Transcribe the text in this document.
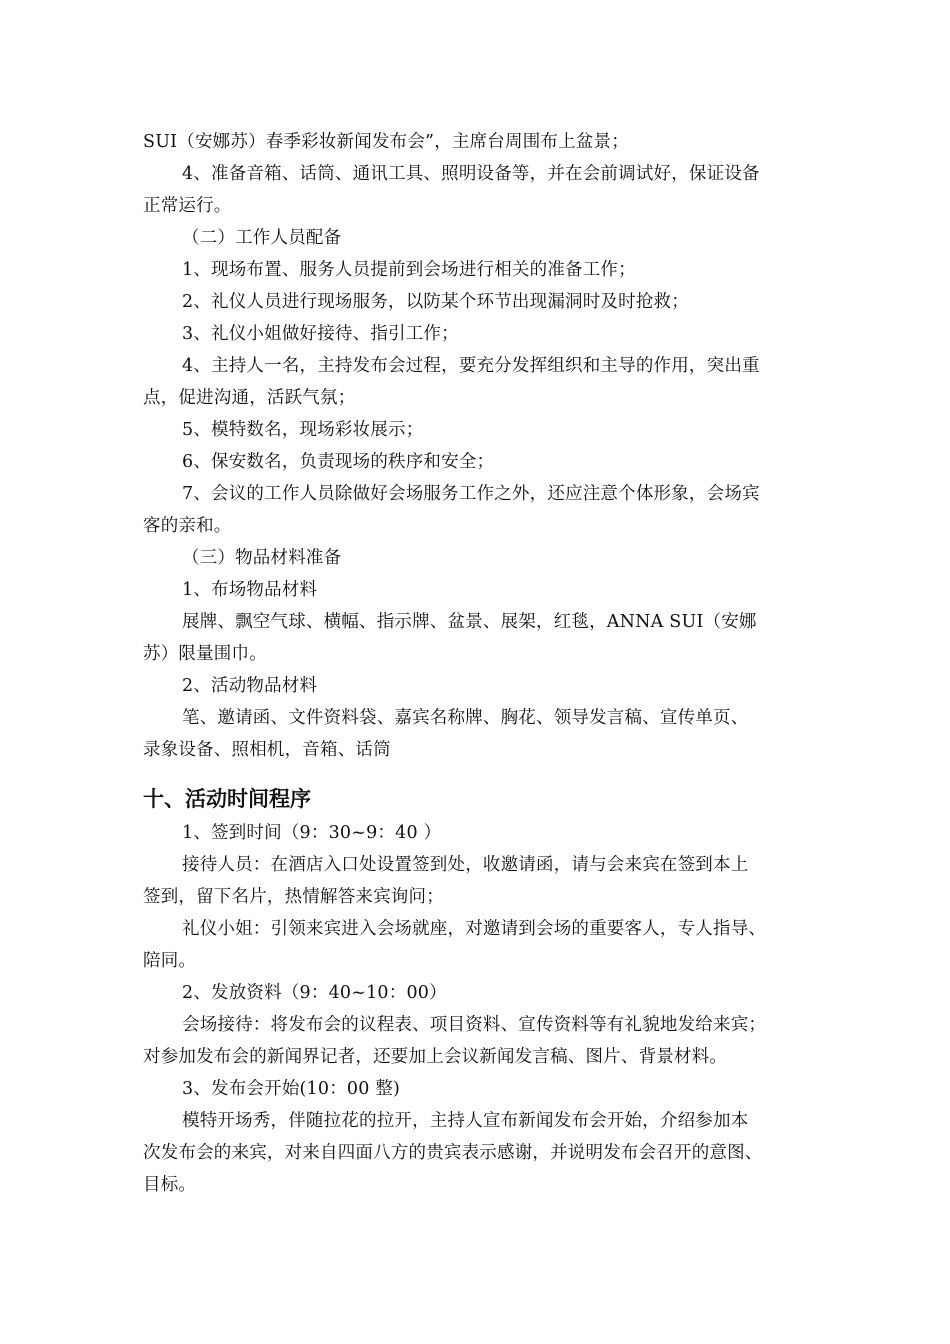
SUI（安娜苏）春季彩妆新闻发布会”，主席台周围布上盆景；
4、准备音箱、话筒、通讯工具、照明设备等，并在会前调试好，保证设备
正常运行。
（二）工作人员配备
1、现场布置、服务人员提前到会场进行相关的准备工作；
2、礼仪人员进行现场服务，以防某个环节出现漏洞时及时抢救；
3、礼仪小姐做好接待、指引工作；
4、主持人一名，主持发布会过程，要充分发挥组织和主导的作用，突出重
点，促进沟通，活跃气氛；
5、模特数名，现场彩妆展示；
6、保安数名，负责现场的秩序和安全；
7、会议的工作人员除做好会场服务工作之外，还应注意个体形象，会场宾
客的亲和。
（三）物品材料准备
1、布场物品材料
展牌、飘空气球、横幅、指示牌、盆景、展架，红毯，ANNA SUI（安娜
苏）限量围巾。
2、活动物品材料
笔、邀请函、文件资料袋、嘉宾名称牌、胸花、领导发言稿、宣传单页、
录象设备、照相机，音箱、话筒
十、活动时间程序
1、签到时间（9：30~9：40 ）
接待人员：在酒店入口处设置签到处，收邀请函，请与会来宾在签到本上
签到，留下名片，热情解答来宾询问；
礼仪小姐：引领来宾进入会场就座，对邀请到会场的重要客人，专人指导、
陪同。
2、发放资料（9：40~10：00）
会场接待：将发布会的议程表、项目资料、宣传资料等有礼貌地发给来宾；
对参加发布会的新闻界记者，还要加上会议新闻发言稿、图片、背景材料。
3、发布会开始(10：00 整)
模特开场秀，伴随拉花的拉开，主持人宣布新闻发布会开始，介绍参加本
次发布会的来宾，对来自四面八方的贵宾表示感谢，并说明发布会召开的意图、
目标。
